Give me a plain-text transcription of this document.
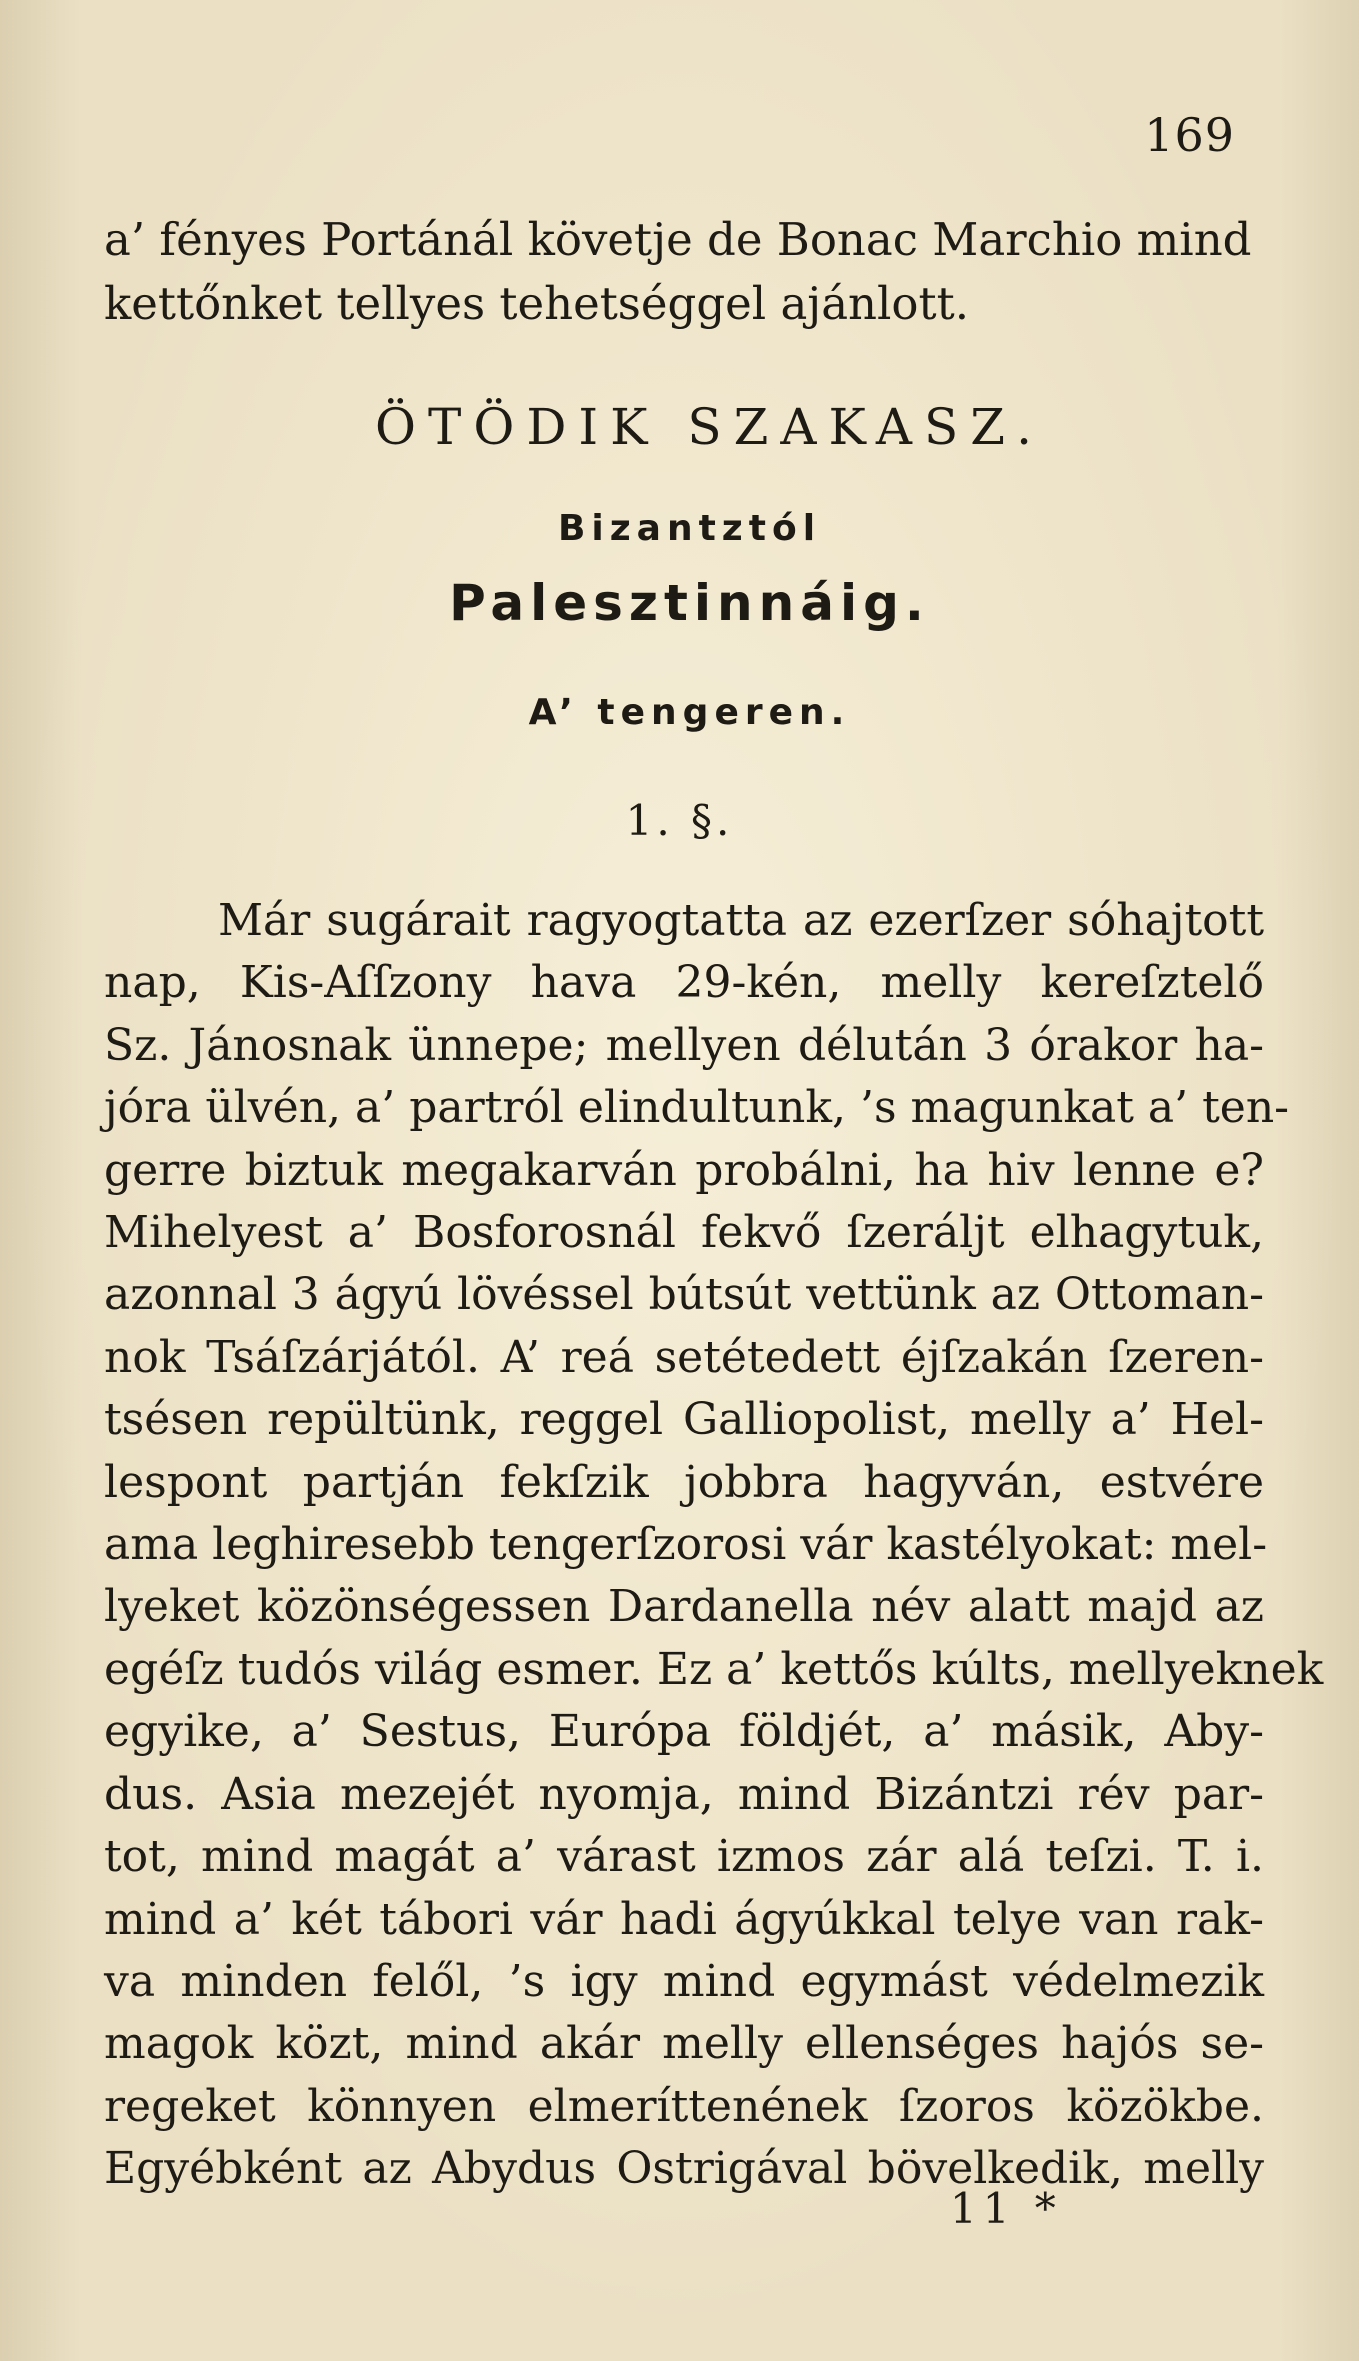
169
a’ fényes Portánál követje de Bonac Marchio mind
kettőnket tellyes tehetséggel ajánlott.
ÖTÖDIK SZAKASZ.
Bizantztól
Palesztinnáig.
A’ tengeren.
1. §.
Már sugárait ragyogtatta az ezerſzer sóhajtott
nap, Kis-Aſſzony hava 29-kén, melly kereſztelő
Sz. Jánosnak ünnepe; mellyen délután 3 órakor ha-
jóra ülvén, a’ partról elindultunk, ’s magunkat a’ ten-
gerre biztuk megakarván probálni, ha hiv lenne e?
Mihelyest a’ Bosforosnál fekvő ſzeráljt elhagytuk,
azonnal 3 ágyú lövéssel bútsút vettünk az Ottoman-
nok Tsáſzárjától. A’ reá setétedett éjſzakán ſzeren-
tsésen repültünk, reggel Galliopolist, melly a’ Hel-
lespont partján fekſzik jobbra hagyván, estvére
ama leghiresebb tengerſzorosi vár kastélyokat: mel-
lyeket közönségessen Dardanella név alatt majd az
egéſz tudós világ esmer. Ez a’ kettős kúlts, mellyeknek
egyike, a’ Sestus, Európa földjét, a’ másik, Aby-
dus. Asia mezejét nyomja, mind Bizántzi rév par-
tot, mind magát a’ várast izmos zár alá teſzi. T. i.
mind a’ két tábori vár hadi ágyúkkal telye van rak-
va minden felől, ’s igy mind egymást védelmezik
magok közt, mind akár melly ellenséges hajós se-
regeket könnyen elmeríttenének ſzoros közökbe.
Egyébként az Abydus Ostrigával bövelkedik, melly
11 *
